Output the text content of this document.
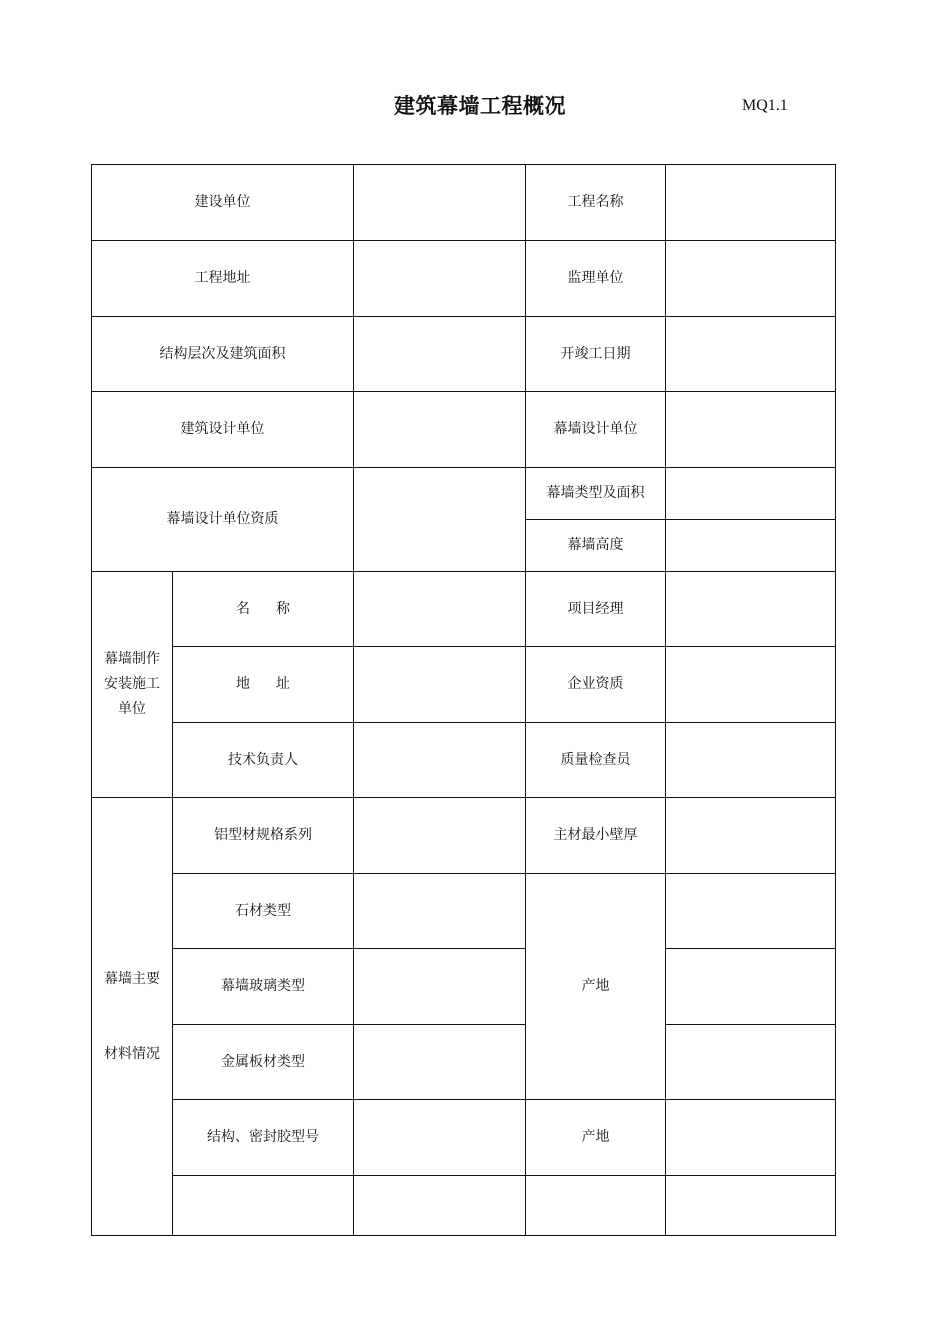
建筑幕墙工程概况	MQ1.1
建设单位			工程名称	
工程地址			监理单位	
结构层次及建筑面积			开竣工日期	
建筑设计单位			幕墙设计单位	
幕墙设计单位资质			幕墙类型及面积	
			幕墙高度	

幕墙制作
安装施工
单位	名 称		项目经理	
	地 址		企业资质	
	技术负责人		质量检查员	

幕墙主要
材料情况	铝型材规格系列		主材最小壁厚	
	石材类型		产地	
	幕墙玻璃类型			
	金属板材类型			
	结构、密封胶型号		产地	
